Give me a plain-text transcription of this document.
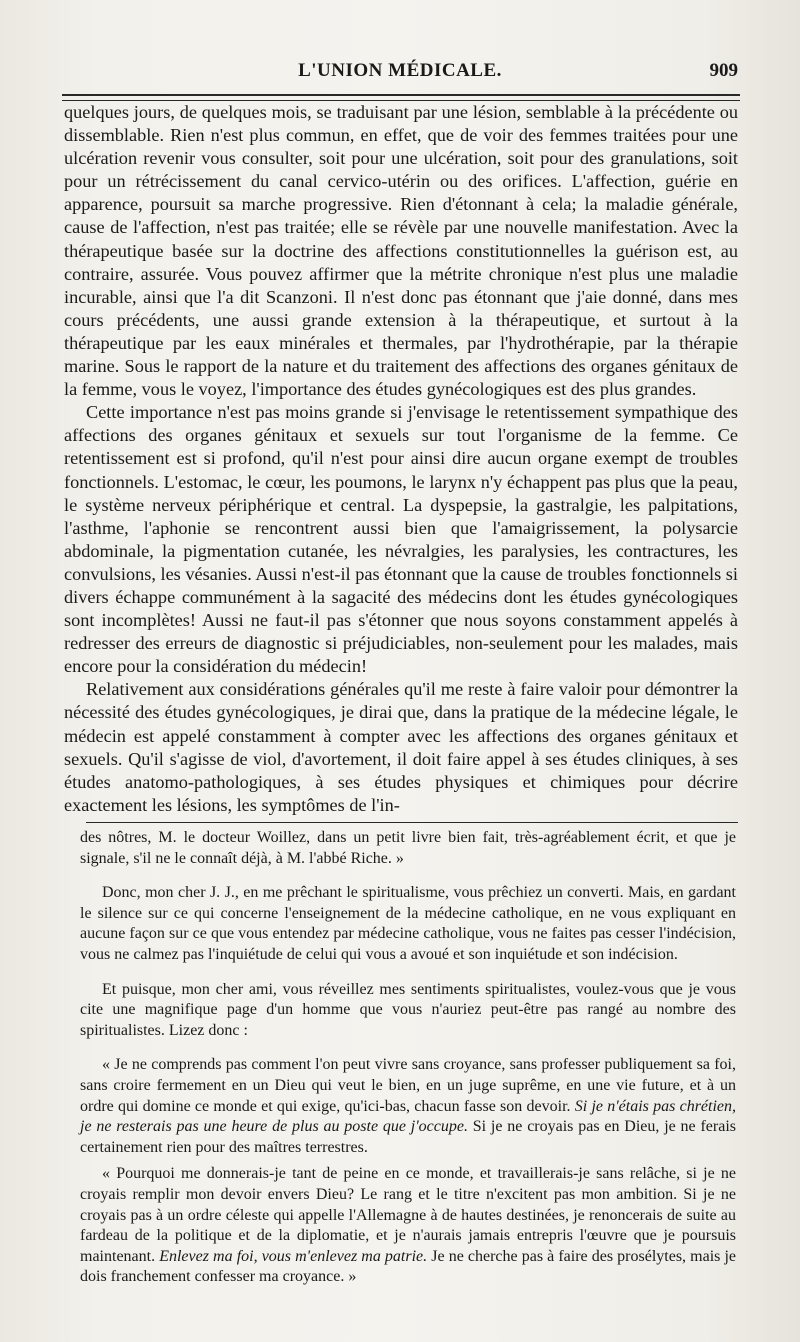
L'UNION MÉDICALE.	909

quelques jours, de quelques mois, se traduisant par une lésion, semblable à la précédente ou dissemblable. Rien n'est plus commun, en effet, que de voir des femmes traitées pour une ulcération revenir vous consulter, soit pour une ulcération, soit pour des granulations, soit pour un rétrécissement du canal cervico-utérin ou des orifices. L'affection, guérie en apparence, poursuit sa marche progressive. Rien d'étonnant à cela; la maladie générale, cause de l'affection, n'est pas traitée; elle se révèle par une nouvelle manifestation. Avec la thérapeutique basée sur la doctrine des affections constitutionnelles la guérison est, au contraire, assurée. Vous pouvez affirmer que la métrite chronique n'est plus une maladie incurable, ainsi que l'a dit Scanzoni. Il n'est donc pas étonnant que j'aie donné, dans mes cours précédents, une aussi grande extension à la thérapeutique, et surtout à la thérapeutique par les eaux minérales et thermales, par l'hydrothérapie, par la thérapie marine. Sous le rapport de la nature et du traitement des affections des organes génitaux de la femme, vous le voyez, l'importance des études gynécologiques est des plus grandes.

Cette importance n'est pas moins grande si j'envisage le retentissement sympathique des affections des organes génitaux et sexuels sur tout l'organisme de la femme. Ce retentissement est si profond, qu'il n'est pour ainsi dire aucun organe exempt de troubles fonctionnels. L'estomac, le cœur, les poumons, le larynx n'y échappent pas plus que la peau, le système nerveux périphérique et central. La dyspepsie, la gastralgie, les palpitations, l'asthme, l'aphonie se rencontrent aussi bien que l'amaigrissement, la polysarcie abdominale, la pigmentation cutanée, les névralgies, les paralysies, les contractures, les convulsions, les vésanies. Aussi n'est-il pas étonnant que la cause de troubles fonctionnels si divers échappe communément à la sagacité des médecins dont les études gynécologiques sont incomplètes! Aussi ne faut-il pas s'étonner que nous soyons constamment appelés à redresser des erreurs de diagnostic si préjudiciables, non-seulement pour les malades, mais encore pour la considération du médecin!

Relativement aux considérations générales qu'il me reste à faire valoir pour démontrer la nécessité des études gynécologiques, je dirai que, dans la pratique de la médecine légale, le médecin est appelé constamment à compter avec les affections des organes génitaux et sexuels. Qu'il s'agisse de viol, d'avortement, il doit faire appel à ses études cliniques, à ses études anatomo-pathologiques, à ses études physiques et chimiques pour décrire exactement les lésions, les symptômes de l'in-

des nôtres, M. le docteur Woillez, dans un petit livre bien fait, très-agréablement écrit, et que je signale, s'il ne le connaît déjà, à M. l'abbé Riche. »

Donc, mon cher J. J., en me prêchant le spiritualisme, vous prêchiez un converti. Mais, en gardant le silence sur ce qui concerne l'enseignement de la médecine catholique, en ne vous expliquant en aucune façon sur ce que vous entendez par médecine catholique, vous ne faites pas cesser l'indécision, vous ne calmez pas l'inquiétude de celui qui vous a avoué et son inquiétude et son indécision.

Et puisque, mon cher ami, vous réveillez mes sentiments spiritualistes, voulez-vous que je vous cite une magnifique page d'un homme que vous n'auriez peut-être pas rangé au nombre des spiritualistes. Lizez donc :

« Je ne comprends pas comment l'on peut vivre sans croyance, sans professer publiquement sa foi, sans croire fermement en un Dieu qui veut le bien, en un juge suprême, en une vie future, et à un ordre qui domine ce monde et qui exige, qu'ici-bas, chacun fasse son devoir. Si je n'étais pas chrétien, je ne resterais pas une heure de plus au poste que j'occupe. Si je ne croyais pas en Dieu, je ne ferais certainement rien pour des maîtres terrestres.

« Pourquoi me donnerais-je tant de peine en ce monde, et travaillerais-je sans relâche, si je ne croyais remplir mon devoir envers Dieu? Le rang et le titre n'excitent pas mon ambition. Si je ne croyais pas à un ordre céleste qui appelle l'Allemagne à de hautes destinées, je renoncerais de suite au fardeau de la politique et de la diplomatie, et je n'aurais jamais entrepris l'œuvre que je poursuis maintenant. Enlevez ma foi, vous m'enlevez ma patrie. Je ne cherche pas à faire des prosélytes, mais je dois franchement confesser ma croyance. »
